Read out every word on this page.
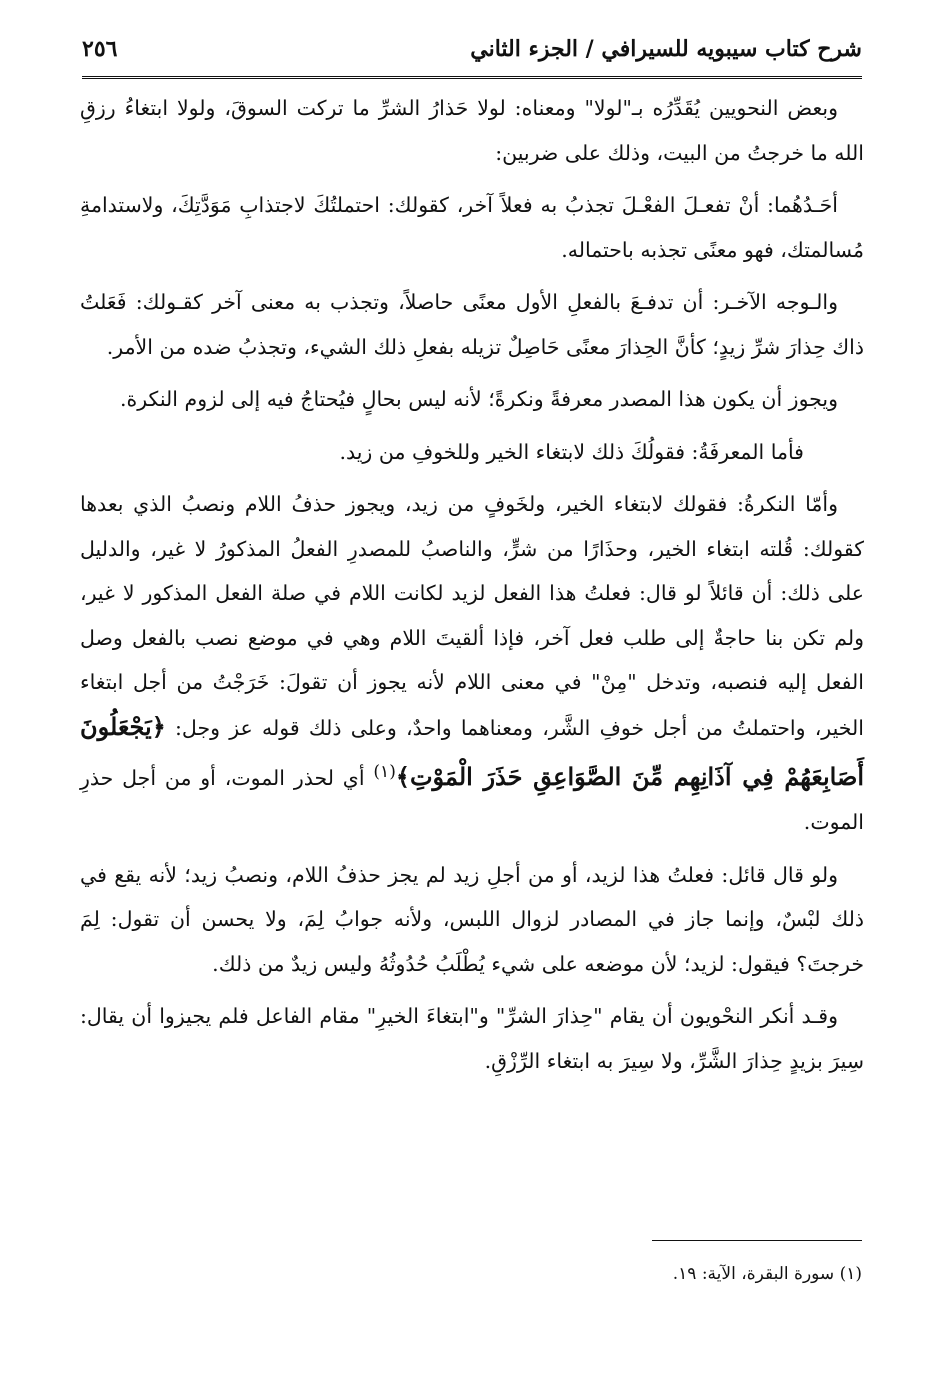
شرح كتاب سيبويه للسيرافي / الجزء الثاني
٢٥٦

وبعض النحويين يُقَدِّرُه بـ"لولا" ومعناه: لولا حَذارُ الشرِّ ما تركت السوقَ، ولولا ابتغاءُ رزقِ الله ما خرجتُ من البيت، وذلك على ضربين:

أحَـدُهُما: أنْ تفعـلَ الفعْـلَ تجذبُ به فعلاً آخر، كقولك: احتملتُكَ لاجتذابِ مَوَدَّتِكَ، ولاستدامةِ مُسالمتك، فهو معنًى تجذبه باحتماله.

والـوجه الآخـر: أن تدفـعَ بالفعلِ الأول معنًى حاصلاً، وتجذب به معنى آخر كقـولك: فَعَلتُ ذاك حِذارَ شرِّ زيدٍ؛ كأنَّ الحِذارَ معنًى حَاصِلٌ تزيله بفعلِ ذلك الشيء، وتجذبُ ضده من الأمر.

ويجوز أن يكون هذا المصدر معرفةً ونكرةً؛ لأنه ليس بحالٍ فيُحتاجُ فيه إلى لزوم النكرة.

فأما المعرفَةُ: فقولُكَ ذلك لابتغاء الخير وللخوفِ من زيد.

وأمّا النكرةُ: فقولك لابتغاء الخير، ولخَوفٍ من زيد، ويجوز حذفُ اللام ونصبُ الذي بعدها كقولك: قُلته ابتغاء الخير، وحذَارًا من شرٍّ، والناصبُ للمصدرِ الفعلُ المذكورُ لا غير، والدليل على ذلك: أن قائلاً لو قال: فعلتُ هذا الفعل لزيد لكانت اللام في صلة الفعل المذكور لا غير، ولم تكن بنا حاجةٌ إلى طلب فعل آخر، فإذا ألقيتَ اللام وهي في موضع نصب بالفعل وصل الفعل إليه فنصبه، وتدخل "مِنْ" في معنى اللام لأنه يجوز أن تقولَ: خَرَجْتُ من أجل ابتغاء الخير، واحتملتُ من أجل خوفِ الشَّر، ومعناهما واحدٌ، وعلى ذلك قوله عز وجل: ﴿يَجْعَلُونَ أَصَابِعَهُمْ فِي آذَانِهِم مِّنَ الصَّوَاعِقِ حَذَرَ الْمَوْتِ﴾$^{(١)}$ أي لحذر الموت، أو من أجل حذرِ الموت.

ولو قال قائل: فعلتُ هذا لزيد، أو من أجلِ زيد لم يجز حذفُ اللام، ونصبُ زيد؛ لأنه يقع في ذلك لبْسٌ، وإنما جاز في المصادر لزوال اللبس، ولأنه جوابُ لِمَ، ولا يحسن أن تقول: لِمَ خرجتَ؟ فيقول: لزيد؛ لأن موضعه على شيء يُطْلَبُ حُدُوثُهُ وليس زيدٌ من ذلك.

وقـد أنكر النحْويون أن يقام "حِذارَ الشرِّ" و"ابتغاءَ الخيرِ" مقام الفاعل فلم يجيزوا أن يقال: سِيرَ بزيدٍ حِذارَ الشَّرِّ، ولا سِيرَ به ابتغاء الرِّزْقِ.

(١) سورة البقرة، الآية: ١٩.
